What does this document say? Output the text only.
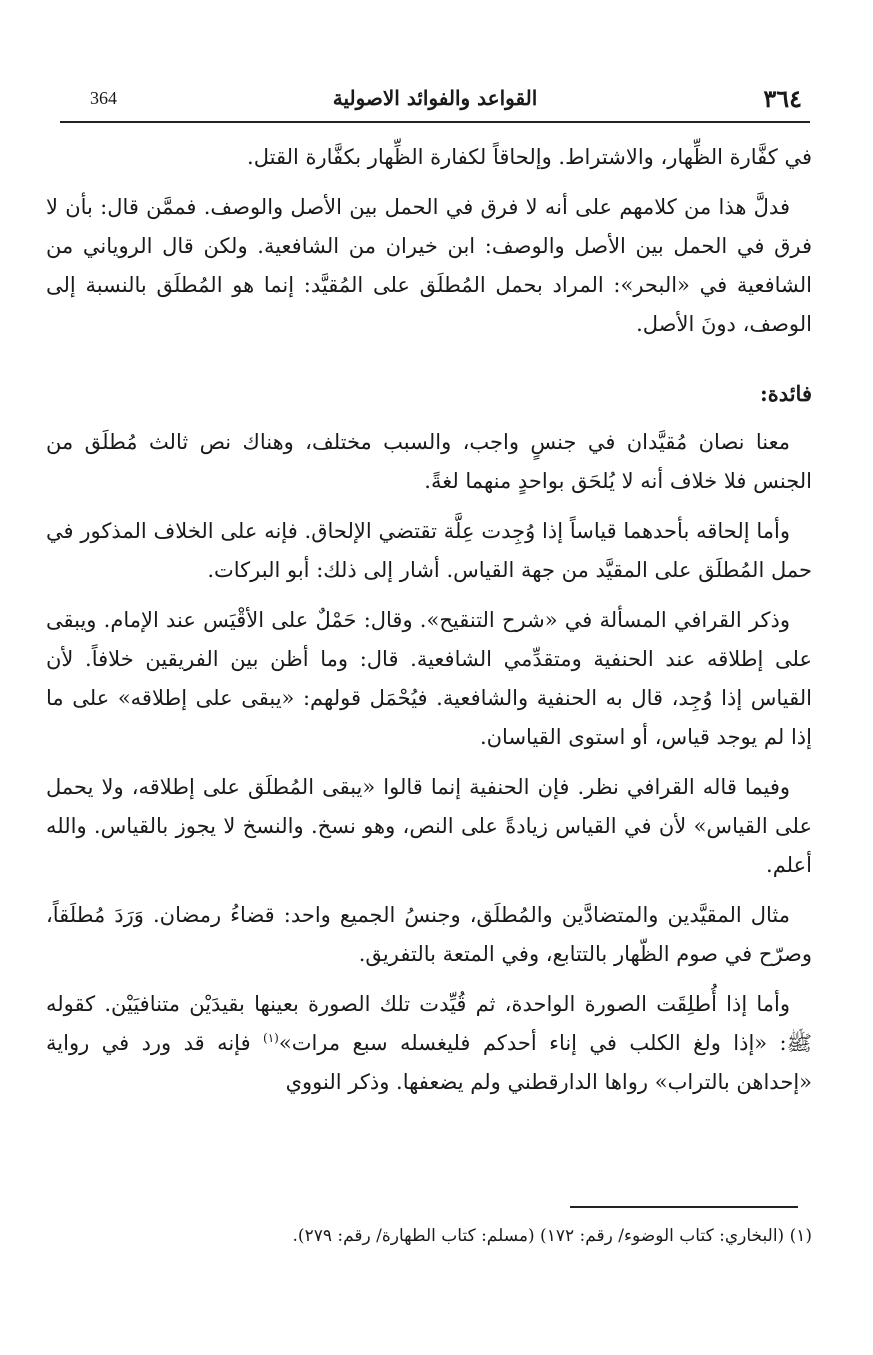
٣٦٤
القواعد والفوائد الاصولية
364

في كفَّارة الظِّهار، والاشتراط. وإلحاقاً لكفارة الظِّهار بكفَّارة القتل.

فدلَّ هذا من كلامهم على أنه لا فرق في الحمل بين الأصل والوصف. فممَّن قال: بأن لا فرق في الحمل بين الأصل والوصف: ابن خيران من الشافعية. ولكن قال الروياني من الشافعية في «البحر»: المراد بحمل المُطلَق على المُقيَّد: إنما هو المُطلَق بالنسبة إلى الوصف، دونَ الأصل.

فائدة:

معنا نصان مُقيَّدان في جنسٍ واجب، والسبب مختلف، وهناك نص ثالث مُطلَق من الجنس فلا خلاف أنه لا يُلحَق بواحدٍ منهما لغةً.

وأما إلحاقه بأحدهما قياساً إذا وُجِدت عِلَّة تقتضي الإلحاق. فإنه على الخلاف المذكور في حمل المُطلَق على المقيَّد من جهة القياس. أشار إلى ذلك: أبو البركات.

وذكر القرافي المسألة في «شرح التنقيح». وقال: حَمْلٌ على الأقْيَس عند الإمام. ويبقى على إطلاقه عند الحنفية ومتقدِّمي الشافعية. قال: وما أظن بين الفريقين خلافاً. لأن القياس إذا وُجِد، قال به الحنفية والشافعية. فيُحْمَل قولهم: «يبقى على إطلاقه» على ما إذا لم يوجد قياس، أو استوى القياسان.

وفيما قاله القرافي نظر. فإن الحنفية إنما قالوا «يبقى المُطلَق على إطلاقه، ولا يحمل على القياس» لأن في القياس زيادةً على النص، وهو نسخ. والنسخ لا يجوز بالقياس. والله أعلم.

مثال المقيَّدين والمتضادَّين والمُطلَق، وجنسُ الجميع واحد: قضاءُ رمضان. وَرَدَ مُطلَقاً، وصرّح في صوم الظّهار بالتتابع، وفي المتعة بالتفريق.

وأما إذا أُطلِقَت الصورة الواحدة، ثم قُيِّدت تلك الصورة بعينها بقيدَيْن متنافيَيْن. كقوله ﷺ: «إذا ولغ الكلب في إناء أحدكم فليغسله سبع مرات»$^{(١)}$ فإنه قد ورد في رواية «إحداهن بالتراب» رواها الدارقطني ولم يضعفها. وذكر النووي

(١) (البخاري: كتاب الوضوء/ رقم: ١٧٢) (مسلم: كتاب الطهارة/ رقم: ٢٧٩).
